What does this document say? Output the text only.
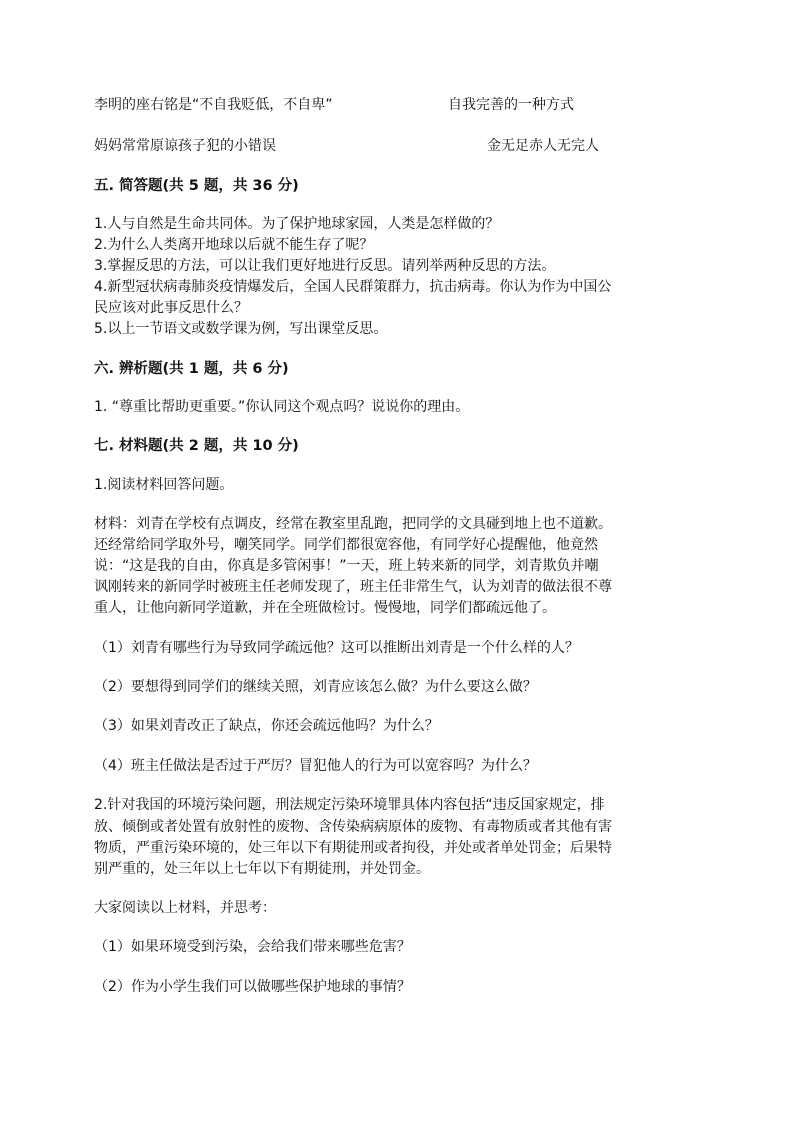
李明的座右铭是“不自我贬低，不自卑”	自我完善的一种方式
妈妈常常原谅孩子犯的小错误	金无足赤人无完人
五. 简答题(共 5 题，共 36 分)
1.人与自然是生命共同体。为了保护地球家园，人类是怎样做的？
2.为什么人类离开地球以后就不能生存了呢？
3.掌握反思的方法，可以让我们更好地进行反思。请列举两种反思的方法。
4.新型冠状病毒肺炎疫情爆发后，全国人民群策群力，抗击病毒。你认为作为中国公
民应该对此事反思什么？
5.以上一节语文或数学课为例，写出课堂反思。
六. 辨析题(共 1 题，共 6 分)
1. “尊重比帮助更重要。”你认同这个观点吗？说说你的理由。
七. 材料题(共 2 题，共 10 分)
1.阅读材料回答问题。
材料：刘青在学校有点调皮，经常在教室里乱跑，把同学的文具碰到地上也不道歉。
还经常给同学取外号，嘲笑同学。同学们都很宽容他，有同学好心提醒他，他竟然
说：“这是我的自由，你真是多管闲事！”一天，班上转来新的同学，刘青欺负并嘲
讽刚转来的新同学时被班主任老师发现了，班主任非常生气，认为刘青的做法很不尊
重人，让他向新同学道歉，并在全班做检讨。慢慢地，同学们都疏远他了。
（1）刘青有哪些行为导致同学疏远他？这可以推断出刘青是一个什么样的人？
（2）要想得到同学们的继续关照，刘青应该怎么做？为什么要这么做？
（3）如果刘青改正了缺点，你还会疏远他吗？为什么？
（4）班主任做法是否过于严厉？冒犯他人的行为可以宽容吗？为什么？
2.针对我国的环境污染问题，刑法规定污染环境罪具体内容包括“违反国家规定，排
放、倾倒或者处置有放射性的废物、含传染病病原体的废物、有毒物质或者其他有害
物质，严重污染环境的，处三年以下有期徒刑或者拘役，并处或者单处罚金；后果特
别严重的，处三年以上七年以下有期徒刑，并处罚金。
大家阅读以上材料，并思考：
（1）如果环境受到污染，会给我们带来哪些危害？
（2）作为小学生我们可以做哪些保护地球的事情？
